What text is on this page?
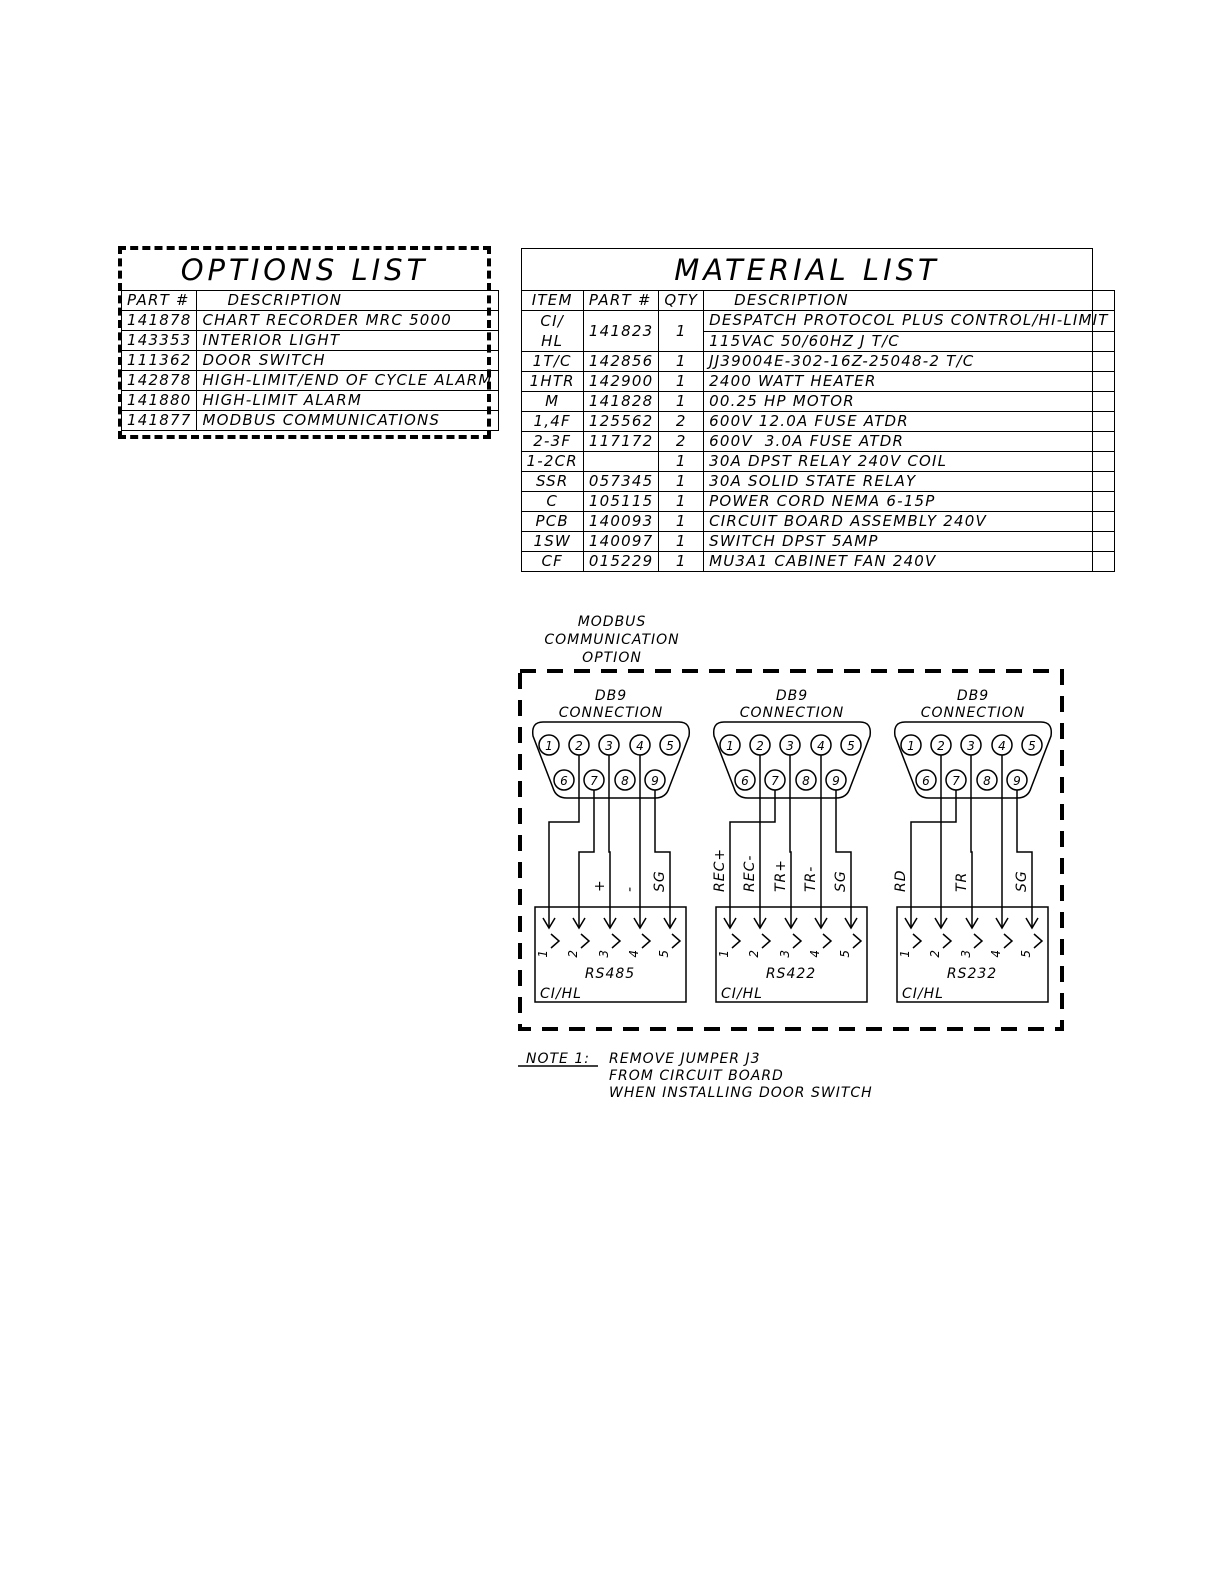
OPTIONS LIST
PART #	DESCRIPTION
141878	CHART RECORDER MRC 5000
143353	INTERIOR LIGHT
111362	DOOR SWITCH
142878	HIGH-LIMIT/END OF CYCLE ALARM
141880	HIGH-LIMIT ALARM
141877	MODBUS COMMUNICATIONS
MATERIAL LIST
ITEM	PART #	QTY	DESCRIPTION

CI/
HL	141823	1	DESPATCH PROTOCOL PLUS CONTROL/HI-LIMIT
			115VAC 50/60HZ J T/C
1T/C	142856	1	JJ39004E-302-16Z-25048-2 T/C
1HTR	142900	1	2400 WATT HEATER
M	141828	1	00.25 HP MOTOR
1,4F	125562	2	600V 12.0A FUSE ATDR
2-3F	117172	2	600V  3.0A FUSE ATDR
1-2CR		1	30A DPST RELAY 240V COIL
SSR	057345	1	30A SOLID STATE RELAY
C	105115	1	POWER CORD NEMA 6-15P
PCB	140093	1	CIRCUIT BOARD ASSEMBLY 240V
1SW	140097	1	SWITCH DPST 5AMP
CF	015229	1	MU3A1 CABINET FAN 240V
MODBUS
COMMUNICATION
OPTION
DB9
CONNECTION
1 2 3 4 5
6 7 8 9
RS485
CI/HL
1 2 3
+
4
-
5
SG
DB9
CONNECTION
1 2 3 4 5
6 7 8 9
RS422
CI/HL
1
REC+
2
REC-
3
TR+
4
TR-
5
SG
DB9
CONNECTION
1 2 3 4 5
6 7 8 9
RS232
CI/HL
1
RD
2 3
TR
4 5
SG
NOTE 1: REMOVE JUMPER J3
FROM CIRCUIT BOARD
WHEN INSTALLING DOOR SWITCH
